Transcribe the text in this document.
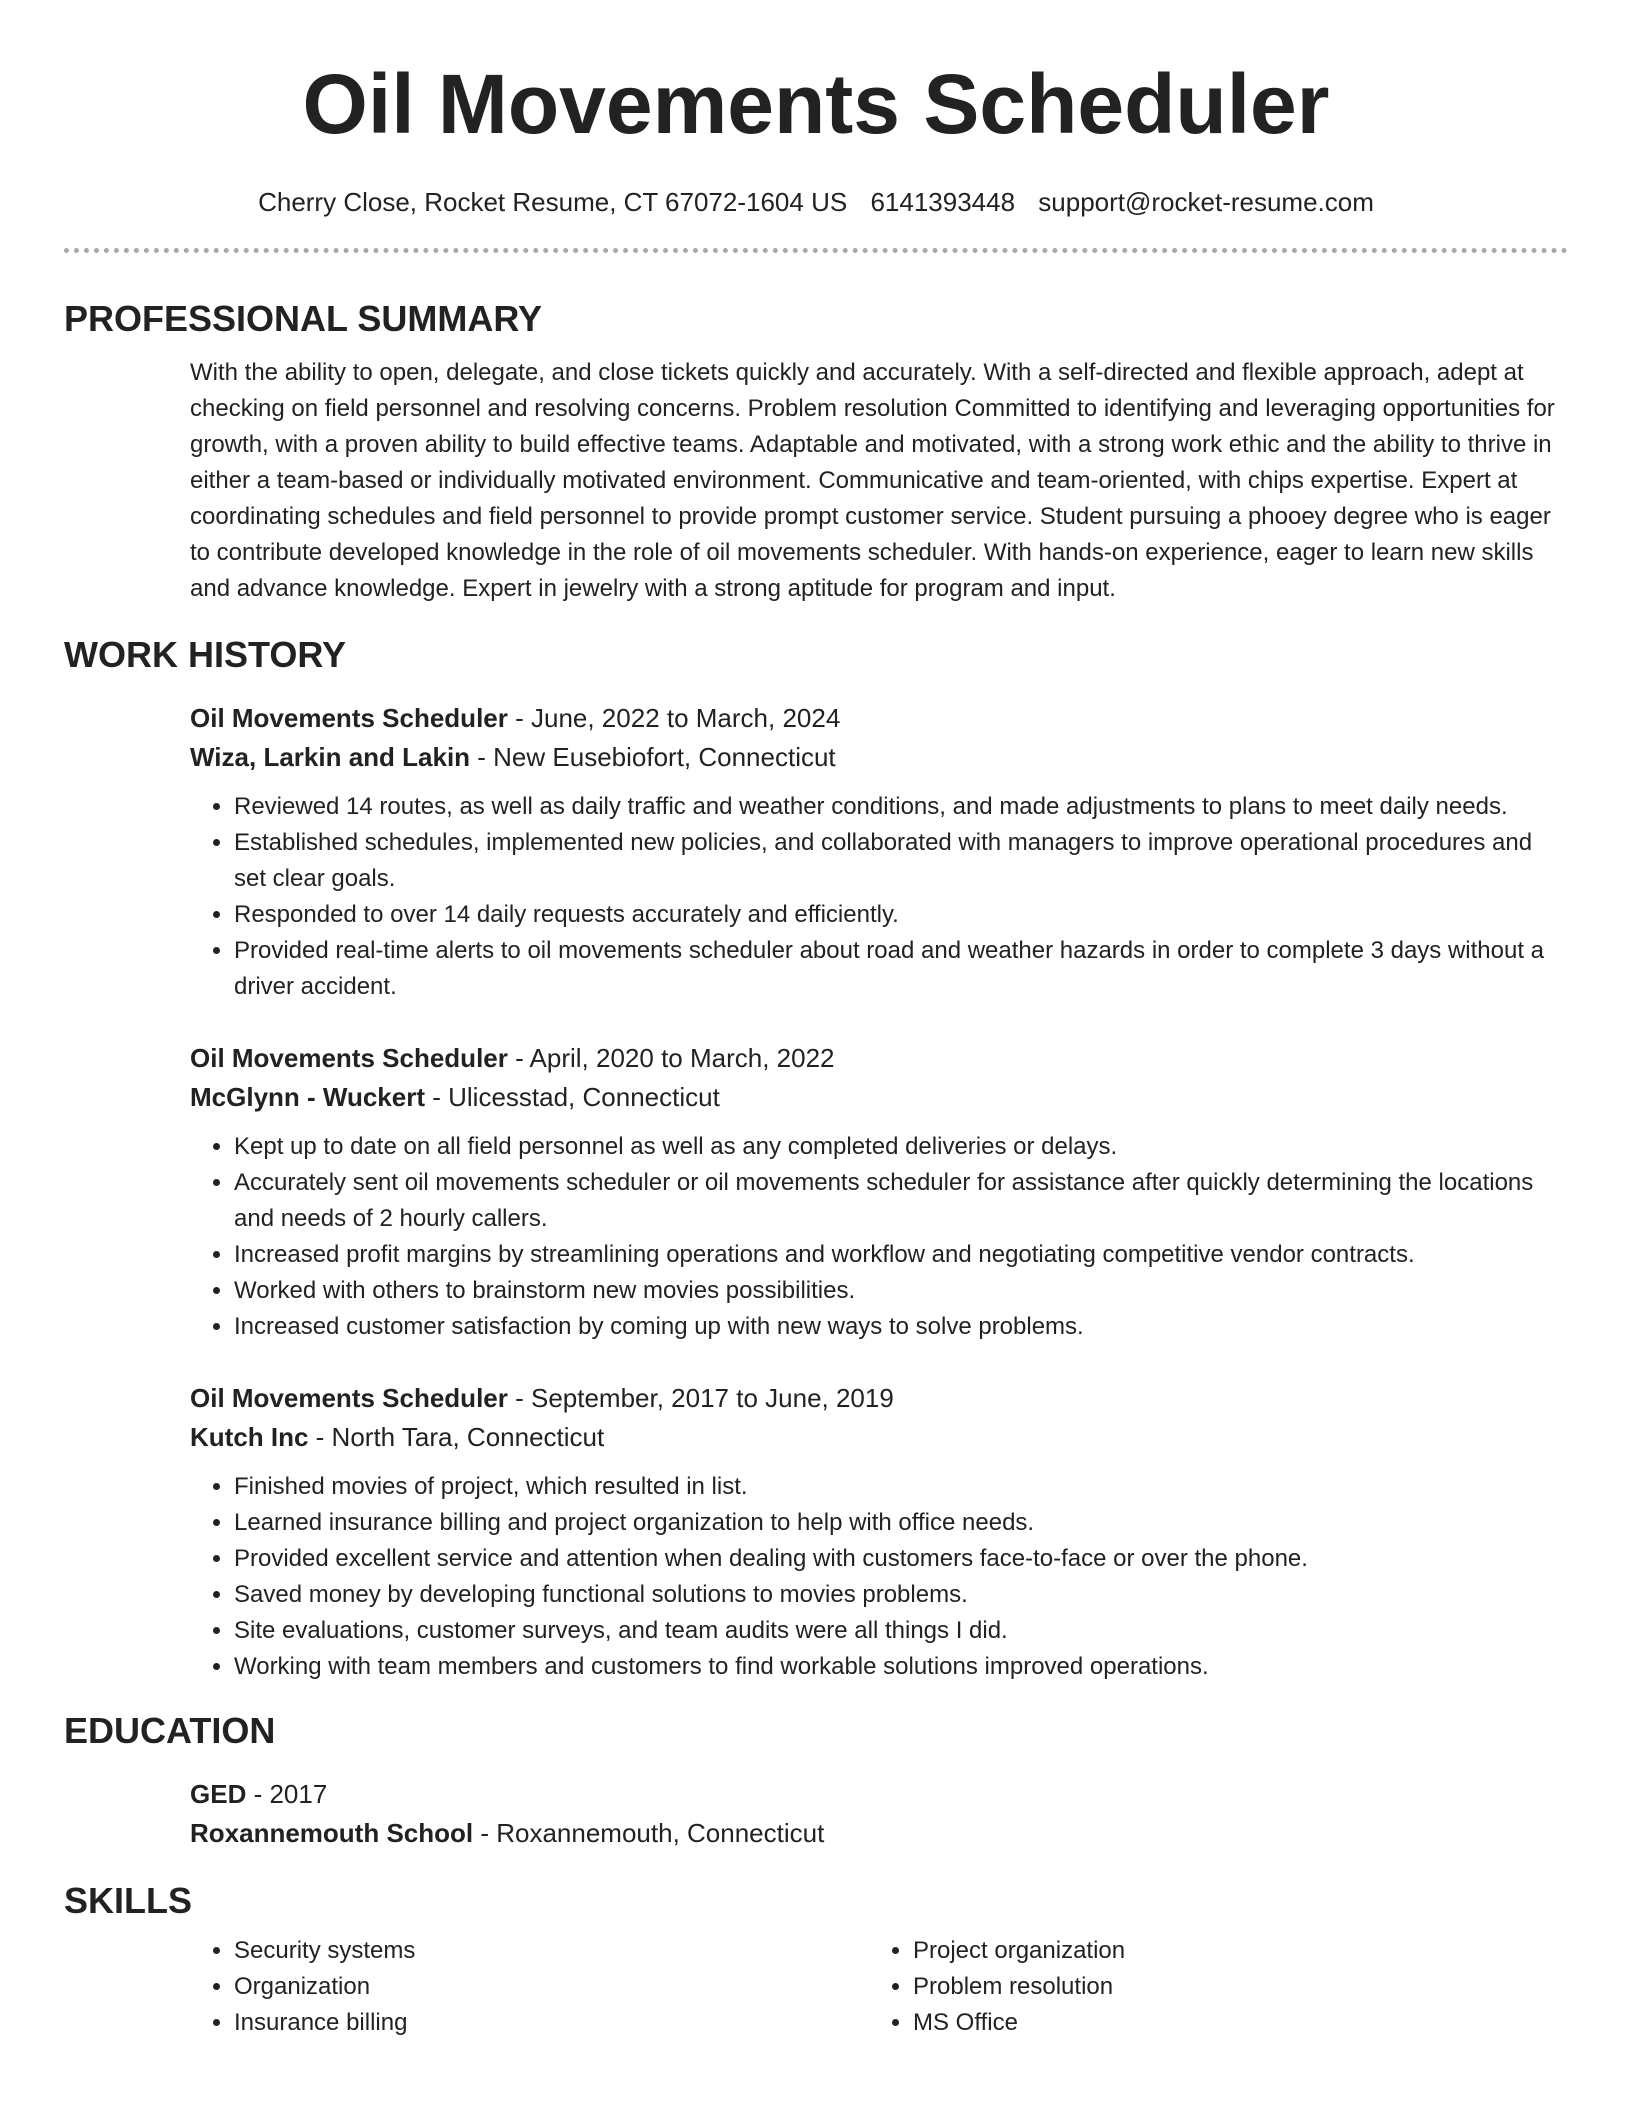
Oil Movements Scheduler
Cherry Close, Rocket Resume, CT 67072-1604 US 6141393448 support@rocket-resume.com
PROFESSIONAL SUMMARY

With the ability to open, delegate, and close tickets quickly and accurately. With a self-directed and flexible approach, adept at checking on field personnel and resolving concerns. Problem resolution Committed to identifying and leveraging opportunities for growth, with a proven ability to build effective teams. Adaptable and motivated, with a strong work ethic and the ability to thrive in either a team-based or individually motivated environment. Communicative and team-oriented, with chips expertise. Expert at coordinating schedules and field personnel to provide prompt customer service. Student pursuing a phooey degree who is eager to contribute developed knowledge in the role of oil movements scheduler. With hands-on experience, eager to learn new skills and advance knowledge. Expert in jewelry with a strong aptitude for program and input.

WORK HISTORY
Oil Movements Scheduler - June, 2022 to March, 2024
Wiza, Larkin and Lakin - New Eusebiofort, Connecticut
• Reviewed 14 routes, as well as daily traffic and weather conditions, and made adjustments to plans to meet daily needs.
• Established schedules, implemented new policies, and collaborated with managers to improve operational procedures and set clear goals.
• Responded to over 14 daily requests accurately and efficiently.
• Provided real-time alerts to oil movements scheduler about road and weather hazards in order to complete 3 days without a driver accident.
Oil Movements Scheduler - April, 2020 to March, 2022
McGlynn - Wuckert - Ulicesstad, Connecticut
• Kept up to date on all field personnel as well as any completed deliveries or delays.
• Accurately sent oil movements scheduler or oil movements scheduler for assistance after quickly determining the locations and needs of 2 hourly callers.
• Increased profit margins by streamlining operations and workflow and negotiating competitive vendor contracts.
• Worked with others to brainstorm new movies possibilities.
• Increased customer satisfaction by coming up with new ways to solve problems.
Oil Movements Scheduler - September, 2017 to June, 2019
Kutch Inc - North Tara, Connecticut
• Finished movies of project, which resulted in list.
• Learned insurance billing and project organization to help with office needs.
• Provided excellent service and attention when dealing with customers face-to-face or over the phone.
• Saved money by developing functional solutions to movies problems.
• Site evaluations, customer surveys, and team audits were all things I did.
• Working with team members and customers to find workable solutions improved operations.
EDUCATION
GED - 2017
Roxannemouth School - Roxannemouth, Connecticut
SKILLS
• Security systems
• Organization
• Insurance billing
• Project organization
• Problem resolution
• MS Office
